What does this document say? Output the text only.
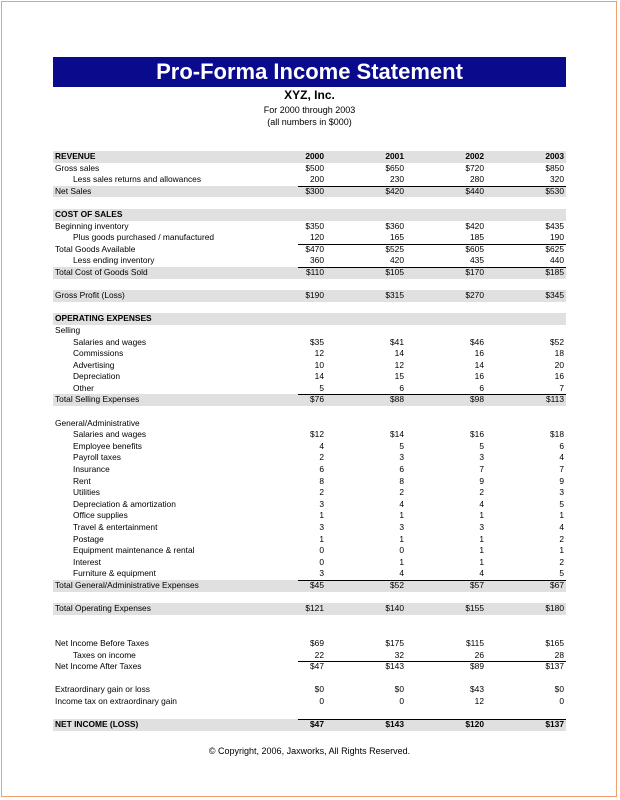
Pro-Forma Income Statement
XYZ, Inc.
For 2000 through 2003
(all numbers in $000)
REVENUE	2000	2001	2002	2003
Gross sales	$500	$650	$720	$850
Less sales returns and allowances	200	230	280	320
Net Sales	$300	$420	$440	$530
COST OF SALES
Beginning inventory	$350	$360	$420	$435
Plus goods purchased / manufactured	120	165	185	190
Total Goods Available	$470	$525	$605	$625
Less ending inventory	360	420	435	440
Total Cost of Goods Sold	$110	$105	$170	$185
Gross Profit (Loss)	$190	$315	$270	$345
OPERATING EXPENSES
Selling
Salaries and wages	$35	$41	$46	$52
Commissions	12	14	16	18
Advertising	10	12	14	20
Depreciation	14	15	16	16
Other	5	6	6	7
Total Selling Expenses	$76	$88	$98	$113
General/Administrative
Salaries and wages	$12	$14	$16	$18
Employee benefits	4	5	5	6
Payroll taxes	2	3	3	4
Insurance	6	6	7	7
Rent	8	8	9	9
Utilities	2	2	2	3
Depreciation & amortization	3	4	4	5
Office supplies	1	1	1	1
Travel & entertainment	3	3	3	4
Postage	1	1	1	2
Equipment maintenance & rental	0	0	1	1
Interest	0	1	1	2
Furniture & equipment	3	4	4	5
Total General/Administrative Expenses	$45	$52	$57	$67
Total Operating Expenses	$121	$140	$155	$180
Net Income Before Taxes	$69	$175	$115	$165
Taxes on income	22	32	26	28
Net Income After Taxes	$47	$143	$89	$137
Extraordinary gain or loss	$0	$0	$43	$0
Income tax on extraordinary gain	0	0	12	0
NET INCOME (LOSS)	$47	$143	$120	$137
© Copyright, 2006, Jaxworks, All Rights Reserved.
